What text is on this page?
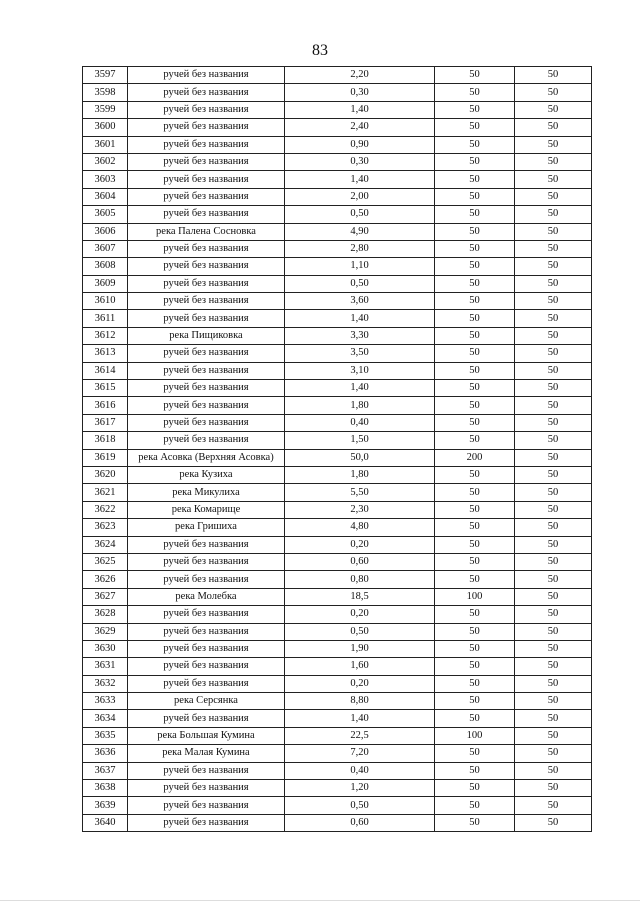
83
3597	ручей без названия	2,20	50	50
3598	ручей без названия	0,30	50	50
3599	ручей без названия	1,40	50	50
3600	ручей без названия	2,40	50	50
3601	ручей без названия	0,90	50	50
3602	ручей без названия	0,30	50	50
3603	ручей без названия	1,40	50	50
3604	ручей без названия	2,00	50	50
3605	ручей без названия	0,50	50	50
3606	река Палена Сосновка	4,90	50	50
3607	ручей без названия	2,80	50	50
3608	ручей без названия	1,10	50	50
3609	ручей без названия	0,50	50	50
3610	ручей без названия	3,60	50	50
3611	ручей без названия	1,40	50	50
3612	река Пищиковка	3,30	50	50
3613	ручей без названия	3,50	50	50
3614	ручей без названия	3,10	50	50
3615	ручей без названия	1,40	50	50
3616	ручей без названия	1,80	50	50
3617	ручей без названия	0,40	50	50
3618	ручей без названия	1,50	50	50
3619	река Асовка (Верхняя Асовка)	50,0	200	50
3620	река Кузиха	1,80	50	50
3621	река Микулиха	5,50	50	50
3622	река Комарище	2,30	50	50
3623	река Гришиха	4,80	50	50
3624	ручей без названия	0,20	50	50
3625	ручей без названия	0,60	50	50
3626	ручей без названия	0,80	50	50
3627	река Молебка	18,5	100	50
3628	ручей без названия	0,20	50	50
3629	ручей без названия	0,50	50	50
3630	ручей без названия	1,90	50	50
3631	ручей без названия	1,60	50	50
3632	ручей без названия	0,20	50	50
3633	река Серсянка	8,80	50	50
3634	ручей без названия	1,40	50	50
3635	река Большая Кумина	22,5	100	50
3636	река Малая Кумина	7,20	50	50
3637	ручей без названия	0,40	50	50
3638	ручей без названия	1,20	50	50
3639	ручей без названия	0,50	50	50
3640	ручей без названия	0,60	50	50
